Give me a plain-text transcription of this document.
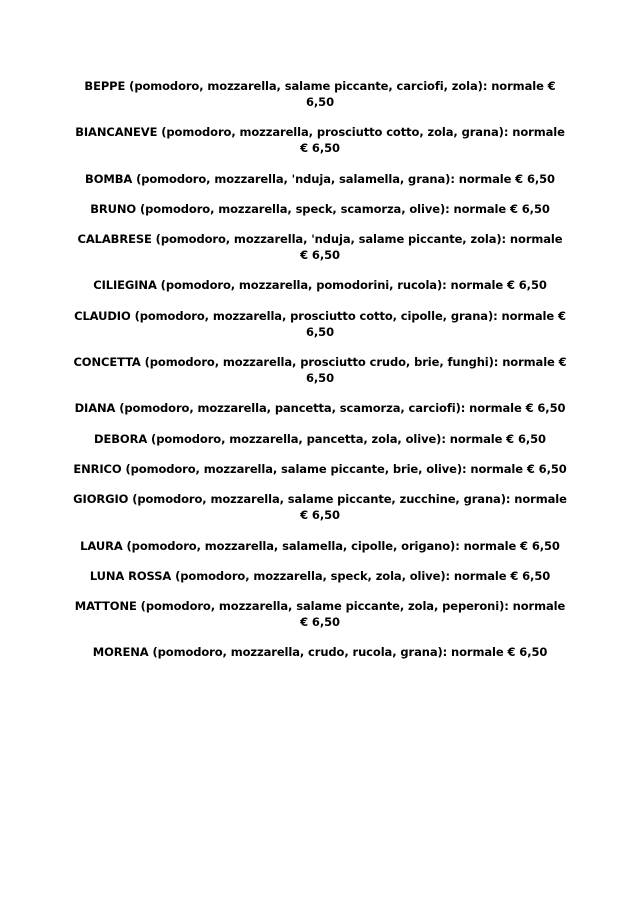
BEPPE (pomodoro, mozzarella, salame piccante, carciofi, zola): normale € 6,50
BIANCANEVE (pomodoro, mozzarella, prosciutto cotto, zola, grana): normale € 6,50
BOMBA (pomodoro, mozzarella, 'nduja, salamella, grana): normale € 6,50
BRUNO (pomodoro, mozzarella, speck, scamorza, olive): normale € 6,50
CALABRESE (pomodoro, mozzarella, 'nduja, salame piccante, zola): normale € 6,50
CILIEGINA (pomodoro, mozzarella, pomodorini, rucola): normale € 6,50
CLAUDIO (pomodoro, mozzarella, prosciutto cotto, cipolle, grana): normale € 6,50
CONCETTA (pomodoro, mozzarella, prosciutto crudo, brie, funghi): normale € 6,50
DIANA (pomodoro, mozzarella, pancetta, scamorza, carciofi): normale € 6,50
DEBORA (pomodoro, mozzarella, pancetta, zola, olive): normale € 6,50
ENRICO (pomodoro, mozzarella, salame piccante, brie, olive): normale € 6,50
GIORGIO (pomodoro, mozzarella, salame piccante, zucchine, grana): normale € 6,50
LAURA (pomodoro, mozzarella, salamella, cipolle, origano): normale € 6,50
LUNA ROSSA (pomodoro, mozzarella, speck, zola, olive): normale € 6,50
MATTONE (pomodoro, mozzarella, salame piccante, zola, peperoni): normale € 6,50
MORENA (pomodoro, mozzarella, crudo, rucola, grana): normale € 6,50
